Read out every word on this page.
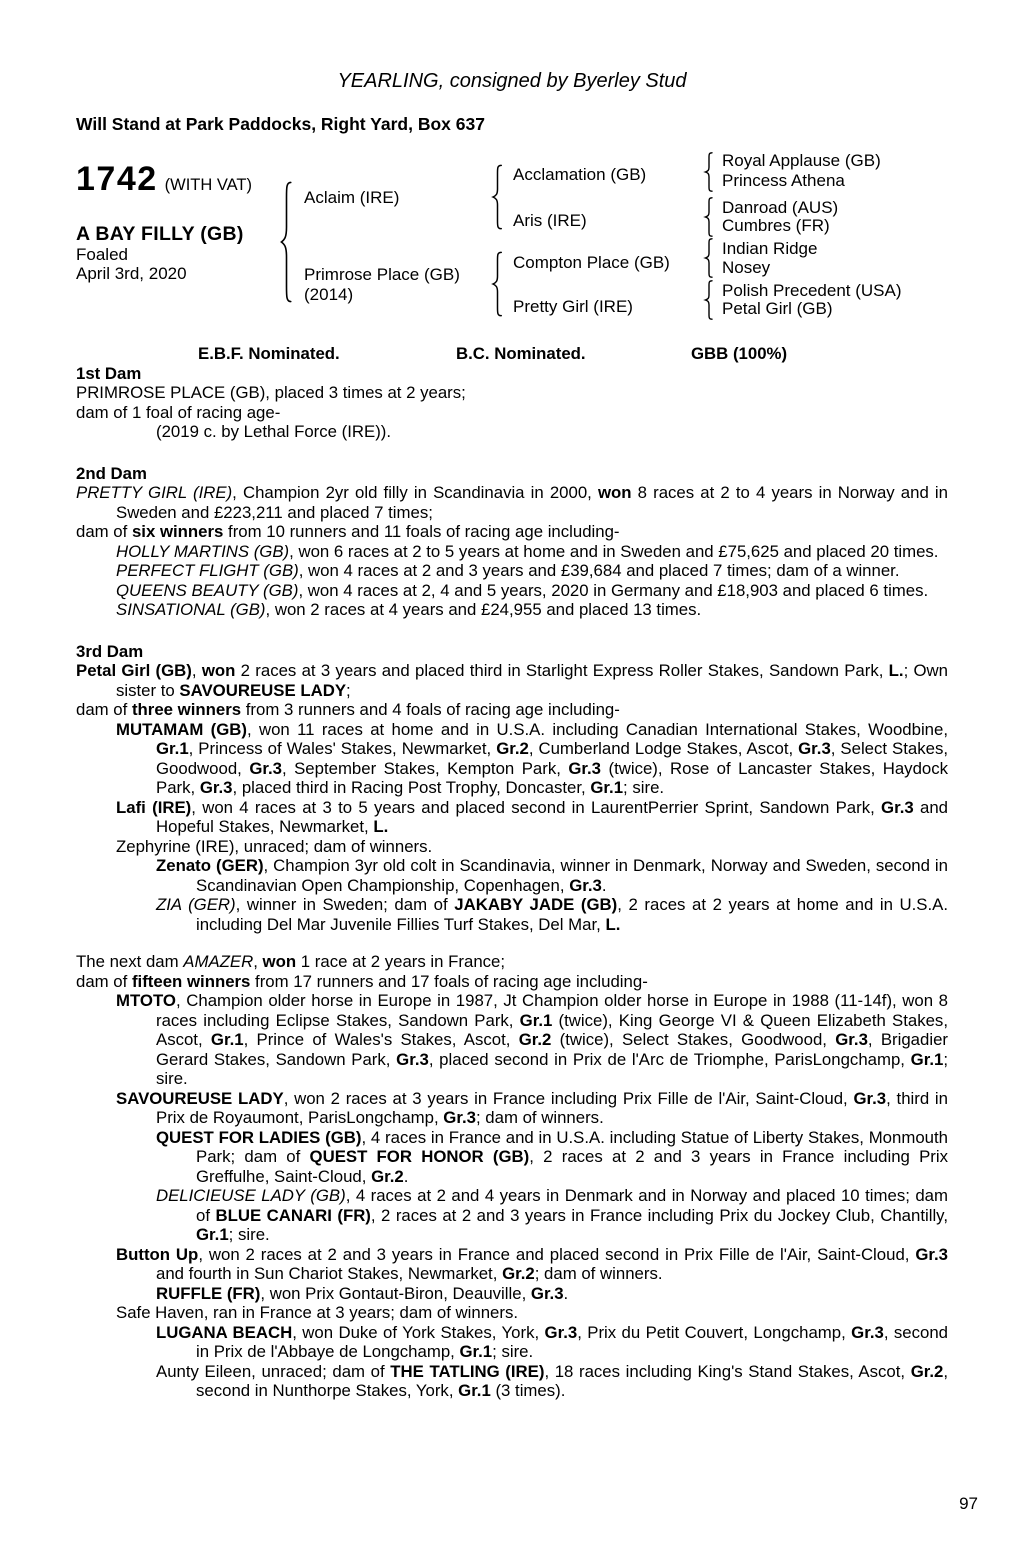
YEARLING, consigned by Byerley Stud
Will Stand at Park Paddocks, Right Yard, Box 637
1742 (WITH VAT)
A BAY FILLY (GB)
Foaled
April 3rd, 2020
Aclaim (IRE)
Primrose Place (GB)
(2014)
Acclamation (GB)
Aris (IRE)
Compton Place (GB)
Pretty Girl (IRE)
Royal Applause (GB)
Princess Athena
Danroad (AUS)
Cumbres (FR)
Indian Ridge
Nosey
Polish Precedent (USA)
Petal Girl (GB)
E.B.F. Nominated.	B.C. Nominated.	GBB (100%)
1st Dam

PRIMROSE PLACE (GB), placed 3 times at 2 years;

dam of 1 foal of racing age-

(2019 c. by Lethal Force (IRE)).

2nd Dam

PRETTY GIRL (IRE), Champion 2yr old filly in Scandinavia in 2000, won 8 races at 2 to 4 years in Norway and in Sweden and £223,211 and placed 7 times;

dam of six winners from 10 runners and 11 foals of racing age including-

HOLLY MARTINS (GB), won 6 races at 2 to 5 years at home and in Sweden and £75,625 and placed 20 times.

PERFECT FLIGHT (GB), won 4 races at 2 and 3 years and £39,684 and placed 7 times; dam of a winner.

QUEENS BEAUTY (GB), won 4 races at 2, 4 and 5 years, 2020 in Germany and £18,903 and placed 6 times.

SINSATIONAL (GB), won 2 races at 4 years and £24,955 and placed 13 times.

3rd Dam

Petal Girl (GB), won 2 races at 3 years and placed third in Starlight Express Roller Stakes, Sandown Park, L.; Own sister to SAVOUREUSE LADY;

dam of three winners from 3 runners and 4 foals of racing age including-

MUTAMAM (GB), won 11 races at home and in U.S.A. including Canadian International Stakes, Woodbine, Gr.1, Princess of Wales' Stakes, Newmarket, Gr.2, Cumberland Lodge Stakes, Ascot, Gr.3, Select Stakes, Goodwood, Gr.3, September Stakes, Kempton Park, Gr.3 (twice), Rose of Lancaster Stakes, Haydock Park, Gr.3, placed third in Racing Post Trophy, Doncaster, Gr.1; sire.

Lafi (IRE), won 4 races at 3 to 5 years and placed second in LaurentPerrier Sprint, Sandown Park, Gr.3 and Hopeful Stakes, Newmarket, L.

Zephyrine (IRE), unraced; dam of winners.

Zenato (GER), Champion 3yr old colt in Scandinavia, winner in Denmark, Norway and Sweden, second in Scandinavian Open Championship, Copenhagen, Gr.3.

ZIA (GER), winner in Sweden; dam of JAKABY JADE (GB), 2 races at 2 years at home and in U.S.A. including Del Mar Juvenile Fillies Turf Stakes, Del Mar, L.

The next dam AMAZER, won 1 race at 2 years in France;

dam of fifteen winners from 17 runners and 17 foals of racing age including-

MTOTO, Champion older horse in Europe in 1987, Jt Champion older horse in Europe in 1988 (11-14f), won 8 races including Eclipse Stakes, Sandown Park, Gr.1 (twice), King George VI & Queen Elizabeth Stakes, Ascot, Gr.1, Prince of Wales's Stakes, Ascot, Gr.2 (twice), Select Stakes, Goodwood, Gr.3, Brigadier Gerard Stakes, Sandown Park, Gr.3, placed second in Prix de l'Arc de Triomphe, ParisLongchamp, Gr.1; sire.

SAVOUREUSE LADY, won 2 races at 3 years in France including Prix Fille de l'Air, Saint-Cloud, Gr.3, third in Prix de Royaumont, ParisLongchamp, Gr.3; dam of winners.

QUEST FOR LADIES (GB), 4 races in France and in U.S.A. including Statue of Liberty Stakes, Monmouth Park; dam of QUEST FOR HONOR (GB), 2 races at 2 and 3 years in France including Prix Greffulhe, Saint-Cloud, Gr.2.

DELICIEUSE LADY (GB), 4 races at 2 and 4 years in Denmark and in Norway and placed 10 times; dam of BLUE CANARI (FR), 2 races at 2 and 3 years in France including Prix du Jockey Club, Chantilly, Gr.1; sire.

Button Up, won 2 races at 2 and 3 years in France and placed second in Prix Fille de l'Air, Saint-Cloud, Gr.3 and fourth in Sun Chariot Stakes, Newmarket, Gr.2; dam of winners.

RUFFLE (FR), won Prix Gontaut-Biron, Deauville, Gr.3.

Safe Haven, ran in France at 3 years; dam of winners.

LUGANA BEACH, won Duke of York Stakes, York, Gr.3, Prix du Petit Couvert, Longchamp, Gr.3, second in Prix de l'Abbaye de Longchamp, Gr.1; sire.

Aunty Eileen, unraced; dam of THE TATLING (IRE), 18 races including King's Stand Stakes, Ascot, Gr.2, second in Nunthorpe Stakes, York, Gr.1 (3 times).

97
